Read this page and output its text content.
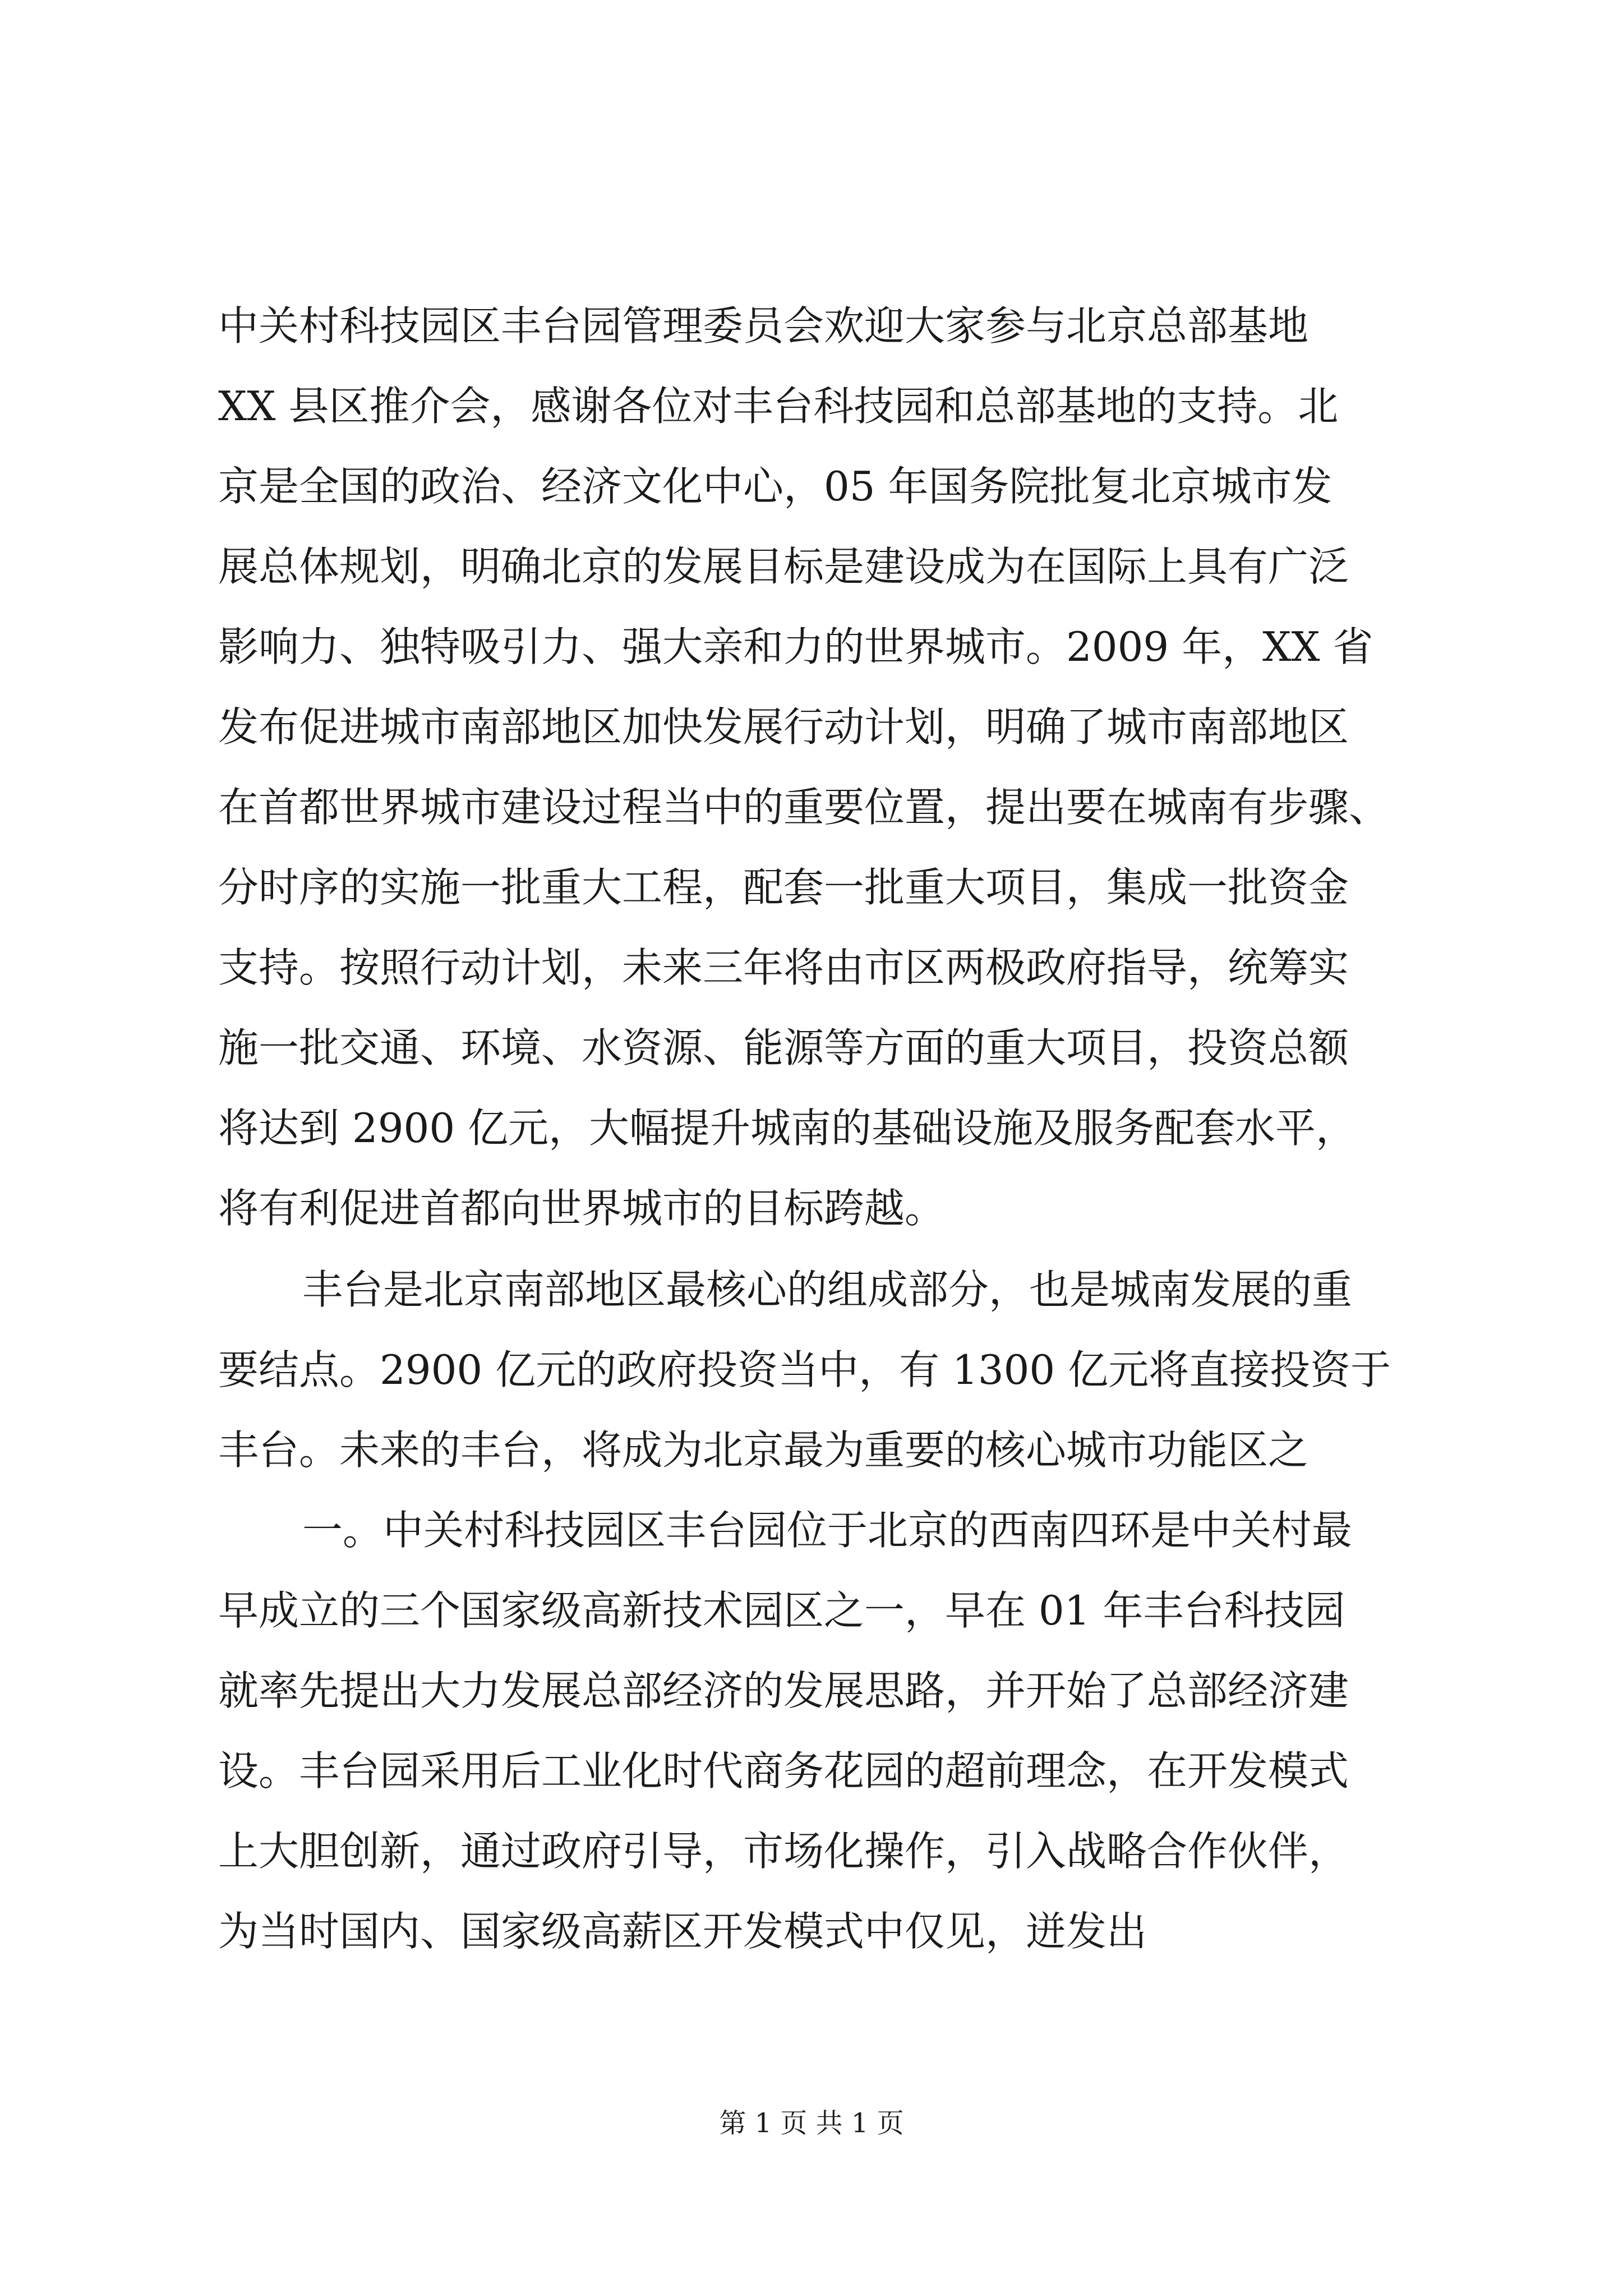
中关村科技园区丰台园管理委员会欢迎大家参与北京总部基地

XX 县区推介会，感谢各位对丰台科技园和总部基地的支持。北

京是全国的政治、经济文化中心，05 年国务院批复北京城市发

展总体规划，明确北京的发展目标是建设成为在国际上具有广泛

影响力、独特吸引力、强大亲和力的世界城市。2009 年，XX 省

发布促进城市南部地区加快发展行动计划，明确了城市南部地区

在首都世界城市建设过程当中的重要位置，提出要在城南有步骤、

分时序的实施一批重大工程，配套一批重大项目，集成一批资金

支持。按照行动计划，未来三年将由市区两极政府指导，统筹实

施一批交通、环境、水资源、能源等方面的重大项目，投资总额

将达到 2900 亿元，大幅提升城南的基础设施及服务配套水平，

将有利促进首都向世界城市的目标跨越。

丰台是北京南部地区最核心的组成部分，也是城南发展的重

要结点。2900 亿元的政府投资当中，有 1300 亿元将直接投资于

丰台。未来的丰台，将成为北京最为重要的核心城市功能区之

一。中关村科技园区丰台园位于北京的西南四环是中关村最

早成立的三个国家级高新技术园区之一，早在 01 年丰台科技园

就率先提出大力发展总部经济的发展思路，并开始了总部经济建

设。丰台园采用后工业化时代商务花园的超前理念，在开发模式

上大胆创新，通过政府引导，市场化操作，引入战略合作伙伴，

为当时国内、国家级高薪区开发模式中仅见，迸发出

第 1 页 共 1 页
